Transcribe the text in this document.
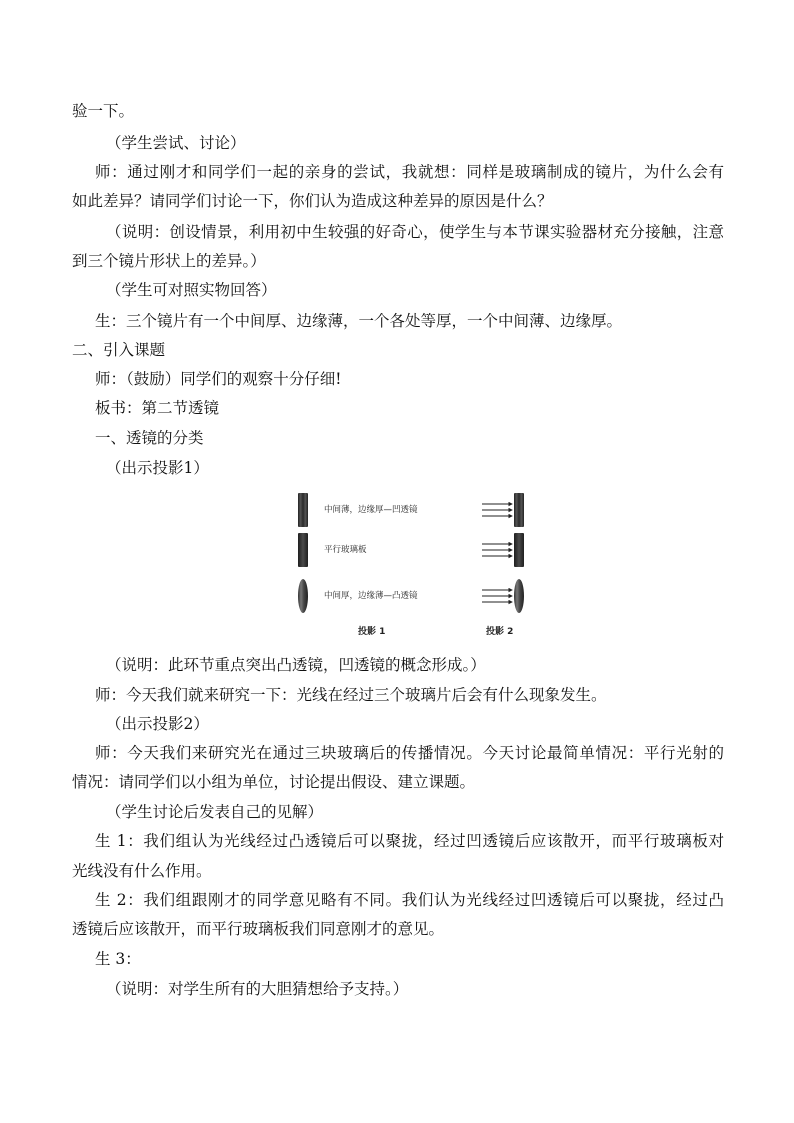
验一下。
（学生尝试、讨论）
师：通过刚才和同学们一起的亲身的尝试，我就想：同样是玻璃制成的镜片，为什么会有
如此差异？请同学们讨论一下，你们认为造成这种差异的原因是什么？
（说明：创设情景，利用初中生较强的好奇心，使学生与本节课实验器材充分接触，注意
到三个镜片形状上的差异。）
（学生可对照实物回答）
生：三个镜片有一个中间厚、边缘薄，一个各处等厚，一个中间薄、边缘厚。
二、引入课题
师：（鼓励）同学们的观察十分仔细!
板书：第二节透镜
一、透镜的分类
（出示投影1）
中间薄，边缘厚—凹透镜
平行玻璃板
中间厚，边缘薄—凸透镜
投影 1	投影 2
（说明：此环节重点突出凸透镜，凹透镜的概念形成。）
师：今天我们就来研究一下：光线在经过三个玻璃片后会有什么现象发生。
（出示投影2）
师：今天我们来研究光在通过三块玻璃后的传播情况。今天讨论最简单情况：平行光射的
情况：请同学们以小组为单位，讨论提出假设、建立课题。
（学生讨论后发表自己的见解）
生 1：我们组认为光线经过凸透镜后可以聚拢，经过凹透镜后应该散开，而平行玻璃板对
光线没有什么作用。
生 2：我们组跟刚才的同学意见略有不同。我们认为光线经过凹透镜后可以聚拢，经过凸
透镜后应该散开，而平行玻璃板我们同意刚才的意见。
生 3：
（说明：对学生所有的大胆猜想给予支持。）
